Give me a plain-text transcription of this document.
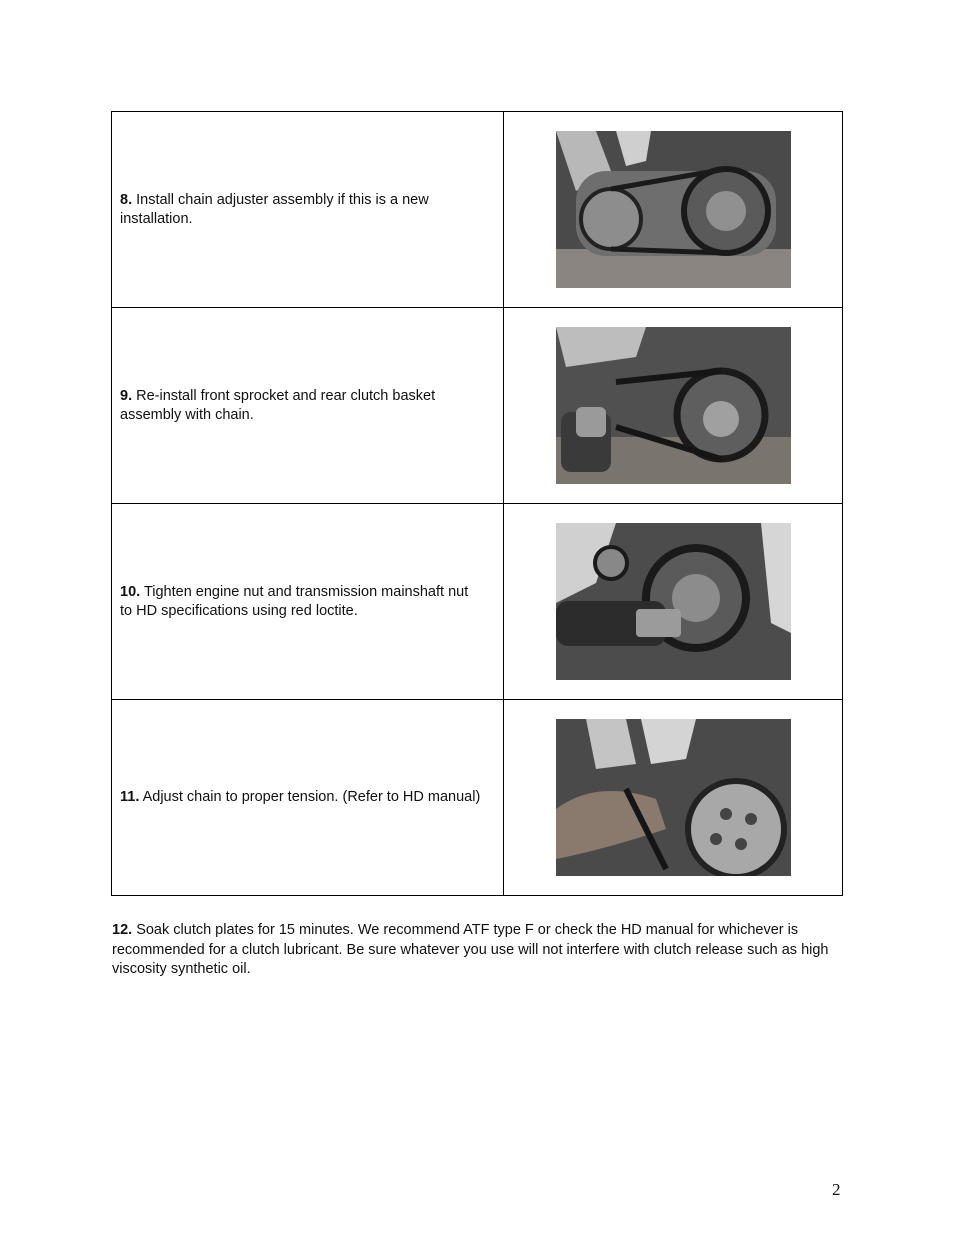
8. Install chain adjuster assembly if this is a new installation.	

9. Re-install front sprocket and rear clutch basket assembly with chain.	

10. Tighten engine nut and transmission mainshaft nut to HD specifications using red loctite.	

11. Adjust chain to proper tension. (Refer to HD manual)	
12. Soak clutch plates for 15 minutes. We recommend ATF type F or check the HD manual for whichever is recommended for a clutch lubricant. Be sure whatever you use will not interfere with clutch release such as high viscosity synthetic oil.
2
